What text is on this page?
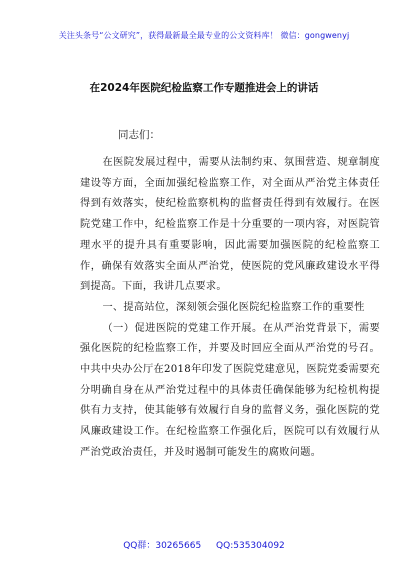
关注头条号“公文研究”，获得最新最全最专业的公文资料库！ 微信：gongwenyj
在2024年医院纪检监察工作专题推进会上的讲话
同志们：

在医院发展过程中，需要从法制约束、氛围营造、规章制度建设等方面，全面加强纪检监察工作，对全面从严治党主体责任得到有效落实，使纪检监察机构的监督责任得到有效履行。在医院党建工作中，纪检监察工作是十分重要的一项内容，对医院管理水平的提升具有重要影响，因此需要加强医院的纪检监察工作，确保有效落实全面从严治党，使医院的党风廉政建设水平得到提高。下面，我讲几点要求。

一、提高站位，深刻领会强化医院纪检监察工作的重要性

（一）促进医院的党建工作开展。在从严治党背景下，需要强化医院的纪检监察工作，并要及时回应全面从严治党的号召。中共中央办公厅在2018年印发了医院党建意见，医院党委需要充分明确自身在从严治党过程中的具体责任确保能够为纪检机构提供有力支持，使其能够有效履行自身的监督义务，强化医院的党风廉政建设工作。在纪检监察工作强化后，医院可以有效履行从严治党政治责任，并及时遏制可能发生的腐败问题。

QQ群：30265665 QQ:535304092
